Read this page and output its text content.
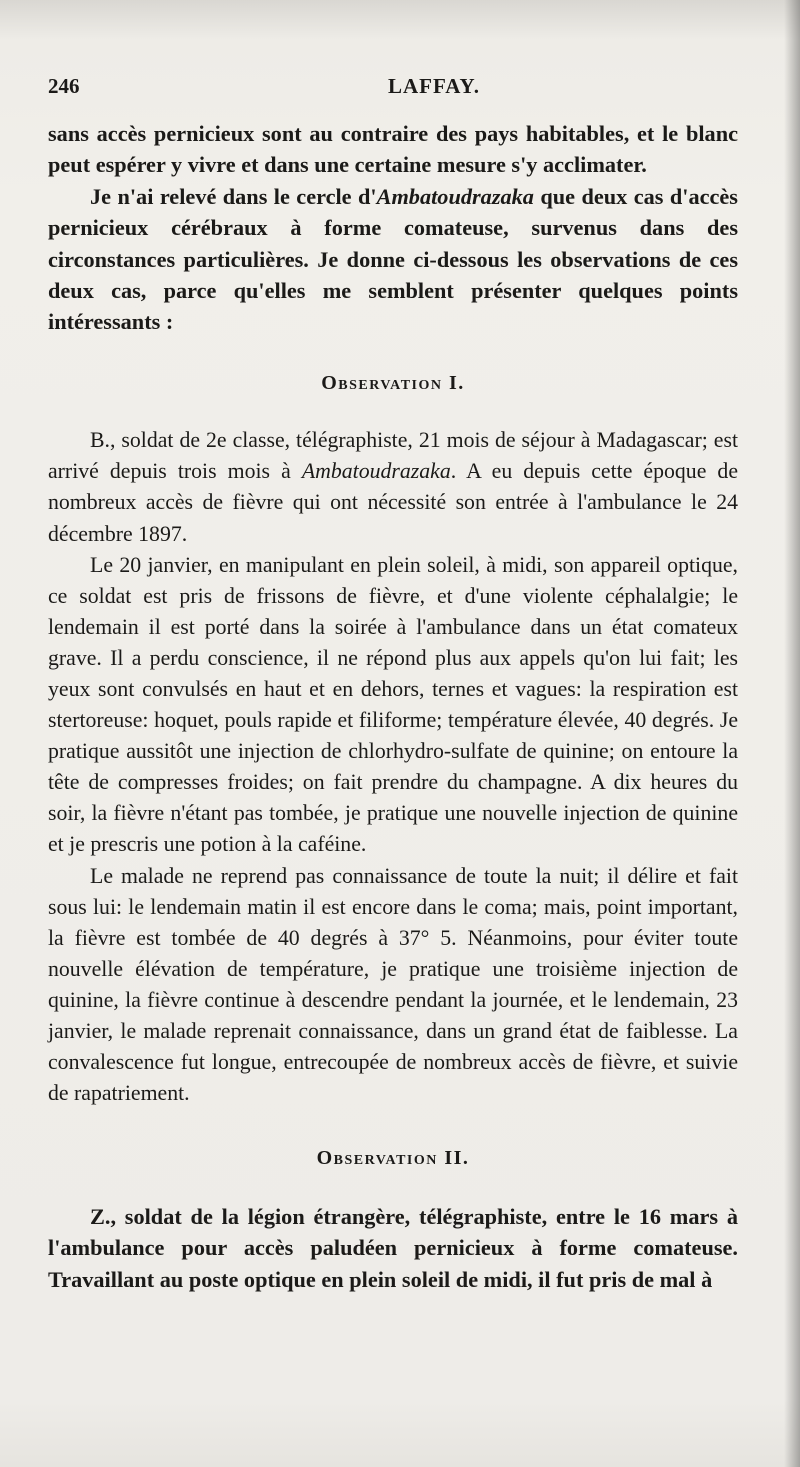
246	LAFFAY.

sans accès pernicieux sont au contraire des pays habitables, et le blanc peut espérer y vivre et dans une certaine mesure s'y acclimater.

Je n'ai relevé dans le cercle d'Ambatoudrazaka que deux cas d'accès pernicieux cérébraux à forme comateuse, survenus dans des circonstances particulières. Je donne ci-dessous les observations de ces deux cas, parce qu'elles me semblent présenter quelques points intéressants :

Observation I.

B., soldat de 2e classe, télégraphiste, 21 mois de séjour à Madagascar; est arrivé depuis trois mois à Ambatoudrazaka. A eu depuis cette époque de nombreux accès de fièvre qui ont nécessité son entrée à l'ambulance le 24 décembre 1897.

Le 20 janvier, en manipulant en plein soleil, à midi, son appareil optique, ce soldat est pris de frissons de fièvre, et d'une violente céphalalgie; le lendemain il est porté dans la soirée à l'ambulance dans un état comateux grave. Il a perdu conscience, il ne répond plus aux appels qu'on lui fait; les yeux sont convulsés en haut et en dehors, ternes et vagues: la respiration est stertoreuse: hoquet, pouls rapide et filiforme; température élevée, 40 degrés. Je pratique aussitôt une injection de chlorhydro-sulfate de quinine; on entoure la tête de compresses froides; on fait prendre du champagne. A dix heures du soir, la fièvre n'étant pas tombée, je pratique une nouvelle injection de quinine et je prescris une potion à la caféine.

Le malade ne reprend pas connaissance de toute la nuit; il délire et fait sous lui: le lendemain matin il est encore dans le coma; mais, point important, la fièvre est tombée de 40 degrés à 37° 5. Néanmoins, pour éviter toute nouvelle élévation de température, je pratique une troisième injection de quinine, la fièvre continue à descendre pendant la journée, et le lendemain, 23 janvier, le malade reprenait connaissance, dans un grand état de faiblesse. La convalescence fut longue, entrecoupée de nombreux accès de fièvre, et suivie de rapatriement.

Observation II.

Z., soldat de la légion étrangère, télégraphiste, entre le 16 mars à l'ambulance pour accès paludéen pernicieux à forme comateuse. Travaillant au poste optique en plein soleil de midi, il fut pris de mal à
